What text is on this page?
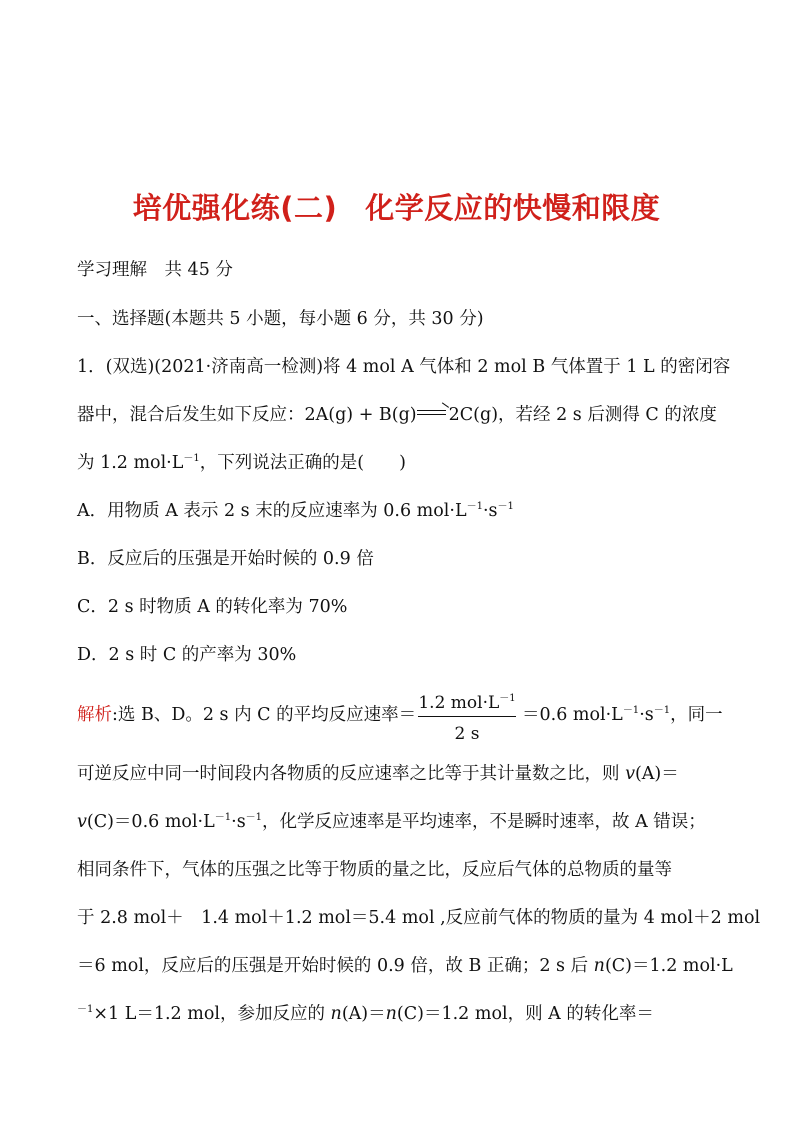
培优强化练(二) 化学反应的快慢和限度
学习理解　共 45 分
一、选择题(本题共 5 小题，每小题 6 分，共 30 分)
1．(双选)(2021·济南高一检测)将 4 mol A 气体和 2 mol B 气体置于 1 L 的密闭容
器中，混合后发生如下反应：2A(g) + B(g)→2C(g)，若经 2 s 后测得 C 的浓度
为 1.2 $mol\cdot L^{-1}$，下列说法正确的是(　　)
A．用物质 A 表示 2 s 末的反应速率为 0.6 $mol\cdot L^{-1}\cdot s^{-1}$
B．反应后的压强是开始时候的 0.9 倍
C．2 s 时物质 A 的转化率为 70%
D．2 s 时 C 的产率为 30%
解析:选 B、D。2 s 内 C 的平均反应速率＝
1.2 $mol\cdot L^{-1}$
2 s
＝0.6 $mol\cdot L^{-1}\cdot s^{-1}$，同一
可逆反应中同一时间段内各物质的反应速率之比等于其计量数之比，则 v(A)＝
v(C)＝0.6 $mol\cdot L^{-1}\cdot s^{-1}$，化学反应速率是平均速率，不是瞬时速率，故 A 错误；
相同条件下，气体的压强之比等于物质的量之比，反应后气体的总物质的量等
于 2.8 mol＋　1.4 mol＋1.2 mol＝5.4 mol ,反应前气体的物质的量为 4 mol＋2 mol
＝6 mol，反应后的压强是开始时候的 0.9 倍，故 B 正确；2 s 后 n(C)＝1.2 mol·L
$^{-1}$×1 L＝1.2 mol，参加反应的 n(A)＝n(C)＝1.2 mol，则 A 的转化率＝
